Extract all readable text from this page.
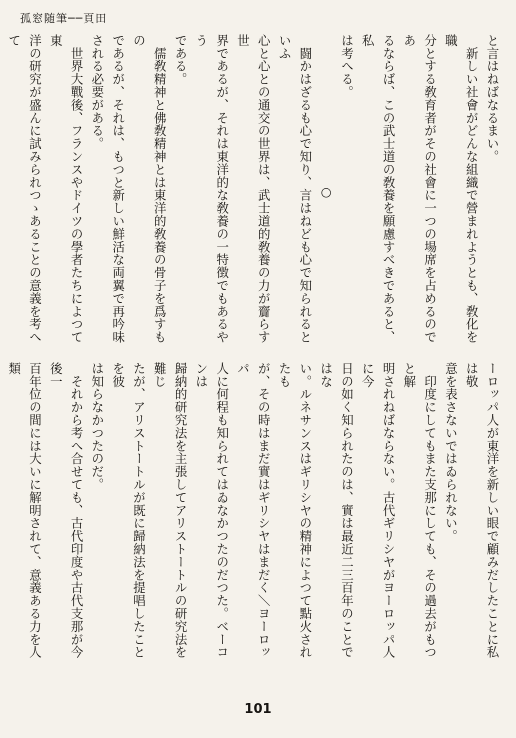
孤窓随筆──頁田

と言はねばなるまい。

　新しい社會がどんな組織で營まれようとも、敎化を職

分とする敎育者がその社會に一つの場席を占めるのであ

るならば、この武士道の敎養を願慮すべきであると、私

は考へる。

○

　闘かはざるも心で知り、言はねども心で知られるといふ

心と心との通交の世界は、武士道的敎養の力が齎らす世

界であるが、それは東洋的な敎養の一特徴でもあるやう

である。

　儒敎精神と佛敎精神とは東洋的敎養の骨子を爲すもの

であるが、それは、もつと新しい鮮活な両翼で再吟味

される必要がある。

　世界大戰後、フランスやドイツの學者たちによつて東

洋の研究が盛んに試みられつゝあることの意義を考へて

ーロッパ人が東洋を新しい眼で顧みだしたことに私は敬

意を表さないではゐられない。

　印度にしてもまた支那にしても、その過去がもつと解

明されねばならない。古代ギリシヤがヨーロッパ人に今

日の如く知られたのは、實は最近二三百年のことではな

い。ルネサンスはギリシヤの精神によつて點火されたも

が、その時はまだ實はギリシヤはまだく＼ヨーロッパ

人に何程も知られてはゐなかつたのだつた。ベーコンは

歸納的研究法を主張してアリストートルの研究法を難じ

たが、アリストートルが既に歸納法を提唱したことを彼

は知らなかつたのだ。

　それから考へ合せても、古代印度や古代支那が今後一

百年位の間には大いに解明されて、意義ある力を人類

101
